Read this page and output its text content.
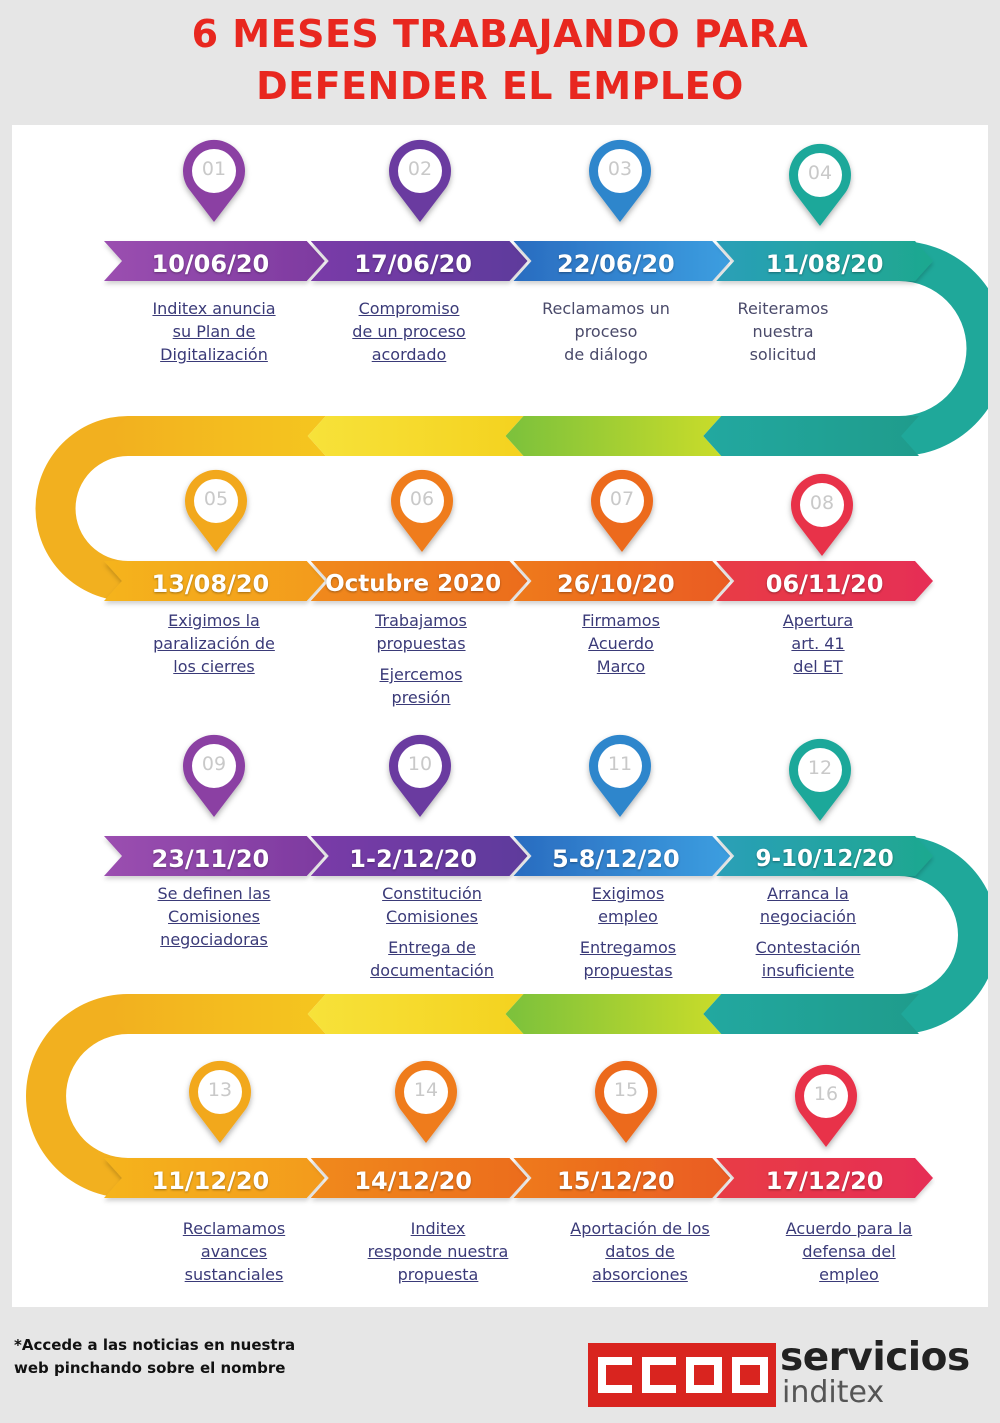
6 MESES TRABAJANDO PARA
DEFENDER EL EMPLEO
01
10/06/20
Inditex anuncia
su Plan de
Digitalización
02
17/06/20
Compromiso
de un proceso
acordado
03
22/06/20
Reclamamos un
proceso
de diálogo
04
11/08/20
Reiteramos
nuestra
solicitud
05
13/08/20
Exigimos la
paralización de
los cierres
06
Octubre 2020
Trabajamos
propuestas
Ejercemos
presión
07
26/10/20
Firmamos
Acuerdo
Marco
08
06/11/20
Apertura
art. 41
del ET
09
23/11/20
Se definen las
Comisiones
negociadoras
10
1-2/12/20
Constitución
Comisiones
Entrega de
documentación
11
5-8/12/20
Exigimos
empleo
Entregamos
propuestas
12
9-10/12/20
Arranca la
negociación
Contestación
insuficiente
13
11/12/20
Reclamamos
avances
sustanciales
14
14/12/20
Inditex
responde nuestra
propuesta
15
15/12/20
Aportación de los
datos de
absorciones
16
17/12/20
Acuerdo para la
defensa del
empleo
*Accede a las noticias en nuestra
web pinchando sobre el nombre
CCOO
servicios
inditex
